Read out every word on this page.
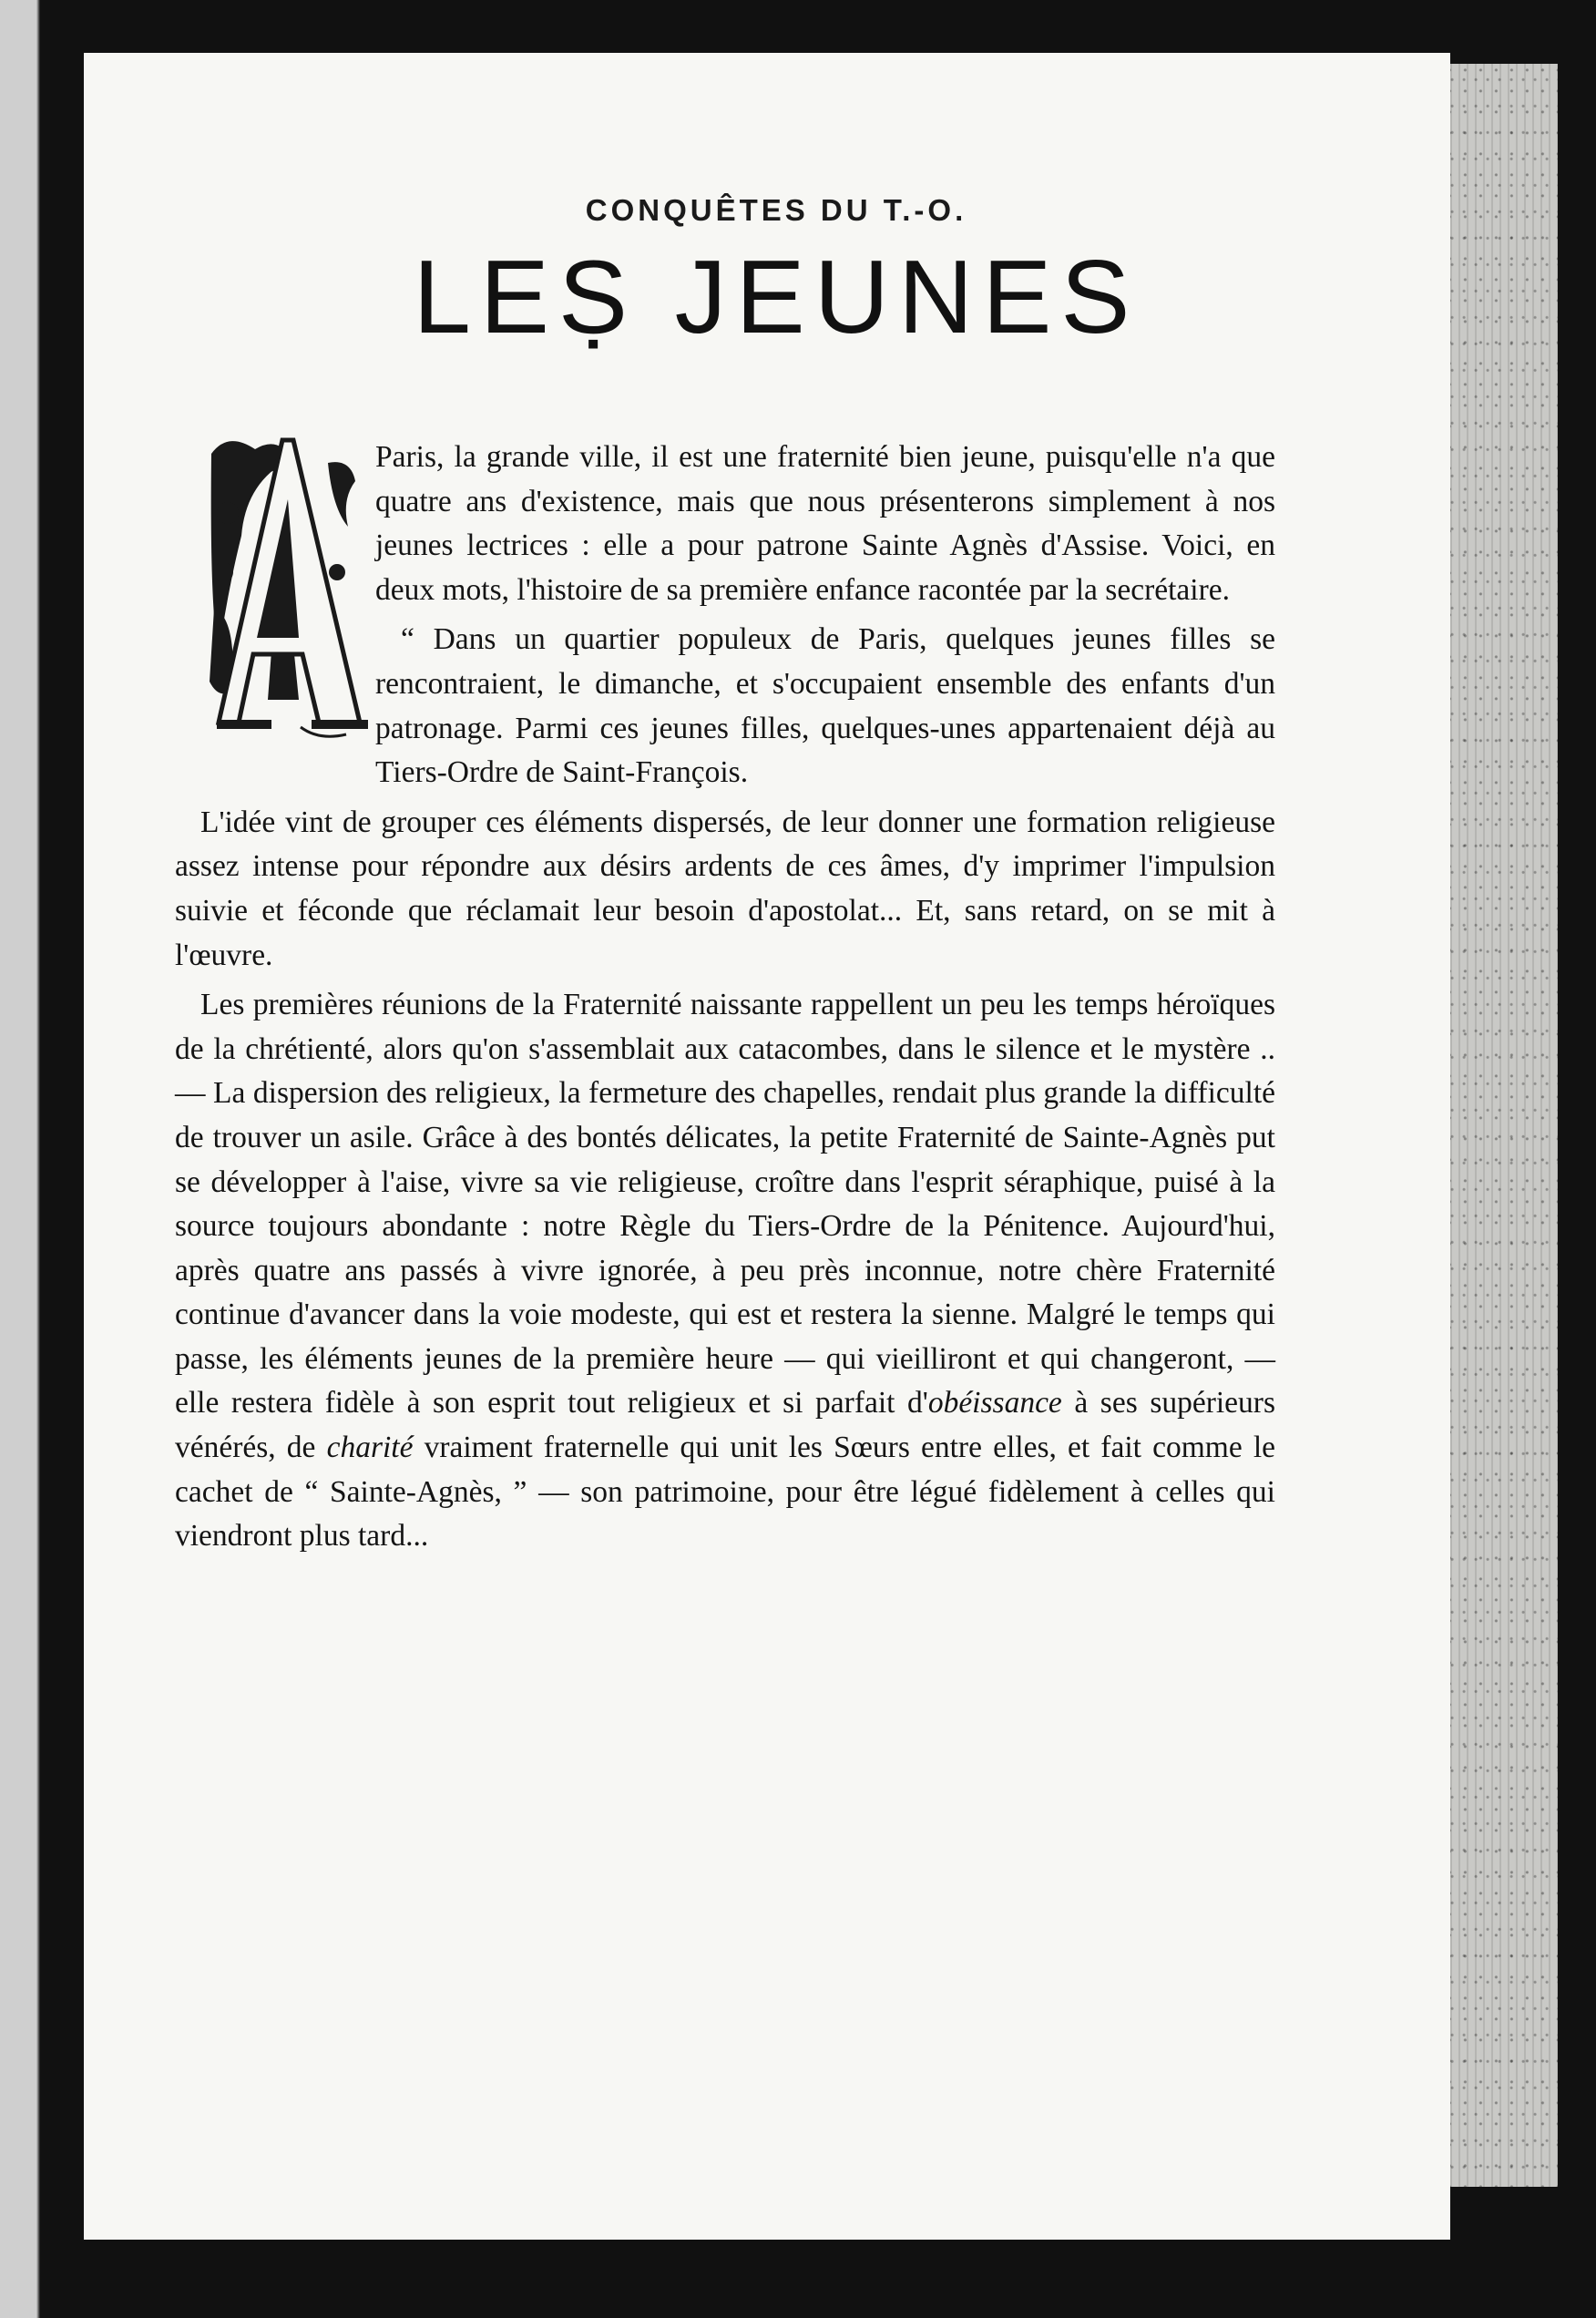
CONQUÊTES DU T.-O.
LEṢ JEUNES

Paris, la grande ville, il est une fraternité bien jeune, puisqu'elle n'a que quatre ans d'existence, mais que nous présenterons simplement à nos jeunes lectrices : elle a pour patrone Sainte Agnès d'Assise. Voici, en deux mots, l'histoire de sa première enfance racontée par la secrétaire.

“ Dans un quartier populeux de Paris, quelques jeunes filles se rencontraient, le dimanche, et s'occupaient ensemble des enfants d'un patronage. Parmi ces jeunes filles, quelques-unes appartenaient déjà au Tiers-Ordre de Saint-François.

L'idée vint de grouper ces éléments dispersés, de leur donner une formation religieuse assez intense pour répondre aux désirs ardents de ces âmes, d'y imprimer l'impulsion suivie et féconde que réclamait leur besoin d'apostolat... Et, sans retard, on se mit à l'œuvre.

Les premières réunions de la Fraternité naissante rappellent un peu les temps héroïques de la chrétienté, alors qu'on s'assemblait aux catacombes, dans le silence et le mystère .. — La dispersion des religieux, la fermeture des chapelles, rendait plus grande la difficulté de trouver un asile. Grâce à des bontés délicates, la petite Fraternité de Sainte-Agnès put se développer à l'aise, vivre sa vie religieuse, croître dans l'esprit séraphique, puisé à la source toujours abondante : notre Règle du Tiers-Ordre de la Pénitence. Aujourd'hui, après quatre ans passés à vivre ignorée, à peu près inconnue, notre chère Fraternité continue d'avancer dans la voie modeste, qui est et restera la sienne. Malgré le temps qui passe, les éléments jeunes de la première heure — qui vieilliront et qui changeront, — elle restera fidèle à son esprit tout religieux et si parfait d'obéissance à ses supérieurs vénérés, de charité vraiment fraternelle qui unit les Sœurs entre elles, et fait comme le cachet de “ Sainte-Agnès, ” — son patrimoine, pour être légué fidèlement à celles qui viendront plus tard...
